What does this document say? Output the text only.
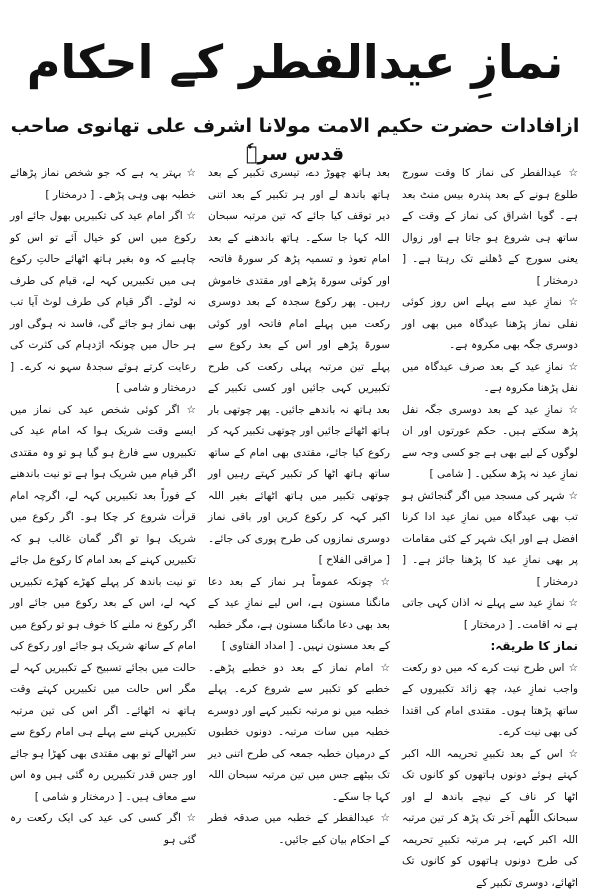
نمازِ عیدالفطر کے احکام
ازافادات حضرت حکیم الامت مولانا اشرف علی تھانوی صاحب قدس سرہٗ

☆ عیدالفطر کی نماز کا وقت سورج طلوع ہونے کے بعد پندرہ بیس منٹ بعد ہے۔ گویا اشراق کی نماز کے وقت کے ساتھ ہی شروع ہو جاتا ہے اور زوال یعنی سورج کے ڈھلنے تک رہتا ہے۔ [ درمختار ]

☆ نمازِ عید سے پہلے اس روز کوئی نفلی نماز پڑھنا عیدگاہ میں بھی اور دوسری جگہ بھی مکروہ ہے۔

☆ نمازِ عید کے بعد صرف عیدگاہ میں نفل پڑھنا مکروہ ہے۔

☆ نمازِ عید کے بعد دوسری جگہ نفل پڑھ سکتے ہیں۔ حکم عورتوں اور ان لوگوں کے لیے بھی ہے جو کسی وجہ سے نمازِ عید نہ پڑھ سکیں۔ [ شامی ]

☆ شہر کی مسجد میں اگر گنجائش ہو تب بھی عیدگاہ میں نمازِ عید ادا کرنا افضل ہے اور ایک شہر کے کئی مقامات پر بھی نمازِ عید کا پڑھنا جائز ہے۔ [ درمختار ]

☆ نمازِ عید سے پہلے نہ اذان کہی جاتی ہے نہ اقامت۔ [ درمختار ]

نماز کا طریقہ:

☆ اس طرح نیت کرے کہ میں دو رکعت واجب نمازِ عید، چھ زائد تکبیروں کے ساتھ پڑھتا ہوں۔ مقتدی امام کی اقتدا کی بھی نیت کرے۔

☆ اس کے بعد تکبیرِ تحریمہ اللہ اکبر کہتے ہوئے دونوں ہاتھوں کو کانوں تک اٹھا کر ناف کے نیچے باندھ لے اور سبحانک اللّٰھم آخر تک پڑھ کر تین مرتبہ اللہ اکبر کہے، ہر مرتبہ تکبیرِ تحریمہ کی طرح دونوں ہاتھوں کو کانوں تک اٹھائے، دوسری تکبیر کے

بعد ہاتھ چھوڑ دے، تیسری تکبیر کے بعد ہاتھ باندھ لے اور ہر تکبیر کے بعد اتنی دیر توقف کیا جائے کہ تین مرتبہ سبحان اللہ کہا جا سکے۔ ہاتھ باندھنے کے بعد امام تعوذ و تسمیہ پڑھ کر سورۂ فاتحہ اور کوئی سورۃ پڑھے اور مقتدی خاموش رہیں۔ پھر رکوع سجدہ کے بعد دوسری رکعت میں پہلے امام فاتحہ اور کوئی سورۃ پڑھے اور اس کے بعد رکوع سے پہلے تین مرتبہ پہلی رکعت کی طرح تکبیریں کہی جائیں اور کسی تکبیر کے بعد ہاتھ نہ باندھے جائیں۔ پھر چوتھی بار ہاتھ اٹھائے جائیں اور چوتھی تکبیر کہہ کر رکوع کیا جائے، مقتدی بھی امام کے ساتھ ساتھ ہاتھ اٹھا کر تکبیر کہتے رہیں اور چوتھی تکبیر میں ہاتھ اٹھائے بغیر اللہ اکبر کہہ کر رکوع کریں اور باقی نماز دوسری نمازوں کی طرح پوری کی جائے۔ [ مراقی الفلاح ]

☆ چونکہ عموماً ہر نماز کے بعد دعا مانگنا مسنون ہے، اس لیے نمازِ عید کے بعد بھی دعا مانگنا مسنون ہے، مگر خطبہ کے بعد مسنون نہیں۔ [ امداد الفتاوی ]

☆ امام نماز کے بعد دو خطبے پڑھے۔ خطبے کو تکبیر سے شروع کرے۔ پہلے خطبہ میں نو مرتبہ تکبیر کہے اور دوسرے خطبہ میں سات مرتبہ۔ دونوں خطبوں کے درمیان خطبہ جمعہ کی طرح اتنی دیر تک بیٹھے جس میں تین مرتبہ سبحان اللہ کہا جا سکے۔

☆ عیدالفطر کے خطبہ میں صدقہ فطر کے احکام بیان کیے جائیں۔

☆ بہتر یہ ہے کہ جو شخص نماز پڑھائے خطبہ بھی وہی پڑھے۔ [ درمختار ]

☆ اگر امام عید کی تکبیریں بھول جائے اور رکوع میں اس کو خیال آئے تو اس کو چاہیے کہ وہ بغیر ہاتھ اٹھائے حالتِ رکوع ہی میں تکبیریں کہہ لے، قیام کی طرف نہ لوٹے۔ اگر قیام کی طرف لوٹ آیا تب بھی نماز ہو جائے گی، فاسد نہ ہوگی اور ہر حال میں چونکہ اژدہام کی کثرت کی رعایت کرتے ہوئے سجدۂ سہو نہ کرے۔ [ درمختار و شامی ]

☆ اگر کوئی شخص عید کی نماز میں ایسے وقت شریک ہوا کہ امام عید کی تکبیروں سے فارغ ہو گیا ہو تو وہ مقتدی اگر قیام میں شریک ہوا ہے تو نیت باندھنے کے فوراً بعد تکبیریں کہہ لے، اگرچہ امام قرأت شروع کر چکا ہو۔ اگر رکوع میں شریک ہوا تو اگر گمان غالب ہو کہ تکبیریں کہنے کے بعد امام کا رکوع مل جائے تو نیت باندھ کر پہلے کھڑے کھڑے تکبیریں کہہ لے، اس کے بعد رکوع میں جائے اور اگر رکوع نہ ملنے کا خوف ہو تو رکوع میں امام کے ساتھ شریک ہو جائے اور رکوع کی حالت میں بجائے تسبیح کے تکبیریں کہہ لے مگر اس حالت میں تکبیریں کہتے وقت ہاتھ نہ اٹھائے۔ اگر اس کی تین مرتبہ تکبیریں کہنے سے پہلے ہی امام رکوع سے سر اٹھالے تو بھی مقتدی بھی کھڑا ہو جائے اور جس قدر تکبیریں رہ گئی ہیں وہ اس سے معاف ہیں۔ [ درمختار و شامی ]

☆ اگر کسی کی عید کی ایک رکعت رہ گئی ہو
